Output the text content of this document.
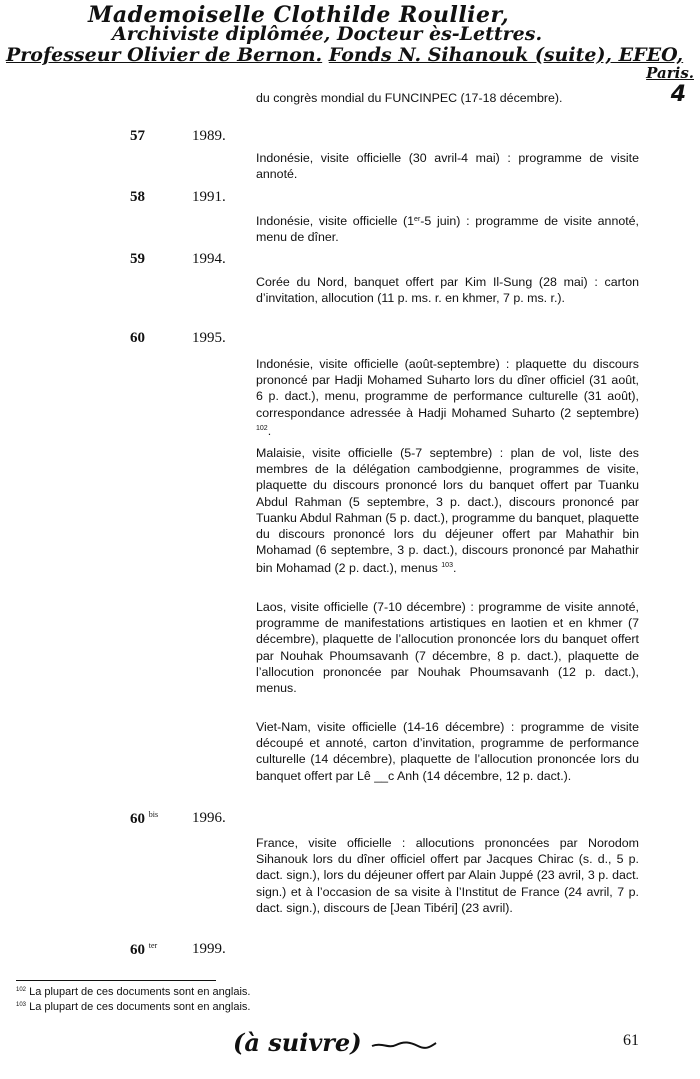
Mademoiselle Clothilde Roullier,
Archiviste diplômée, Docteur ès-Lettres.
Professeur Olivier de Bernon. Fonds N. Sihanouk (suite), EFEO,
Paris.
4

du congrès mondial du FUNCINPEC (17-18 décembre).

57	1989.

Indonésie, visite officielle (30 avril-4 mai) : programme de visite annoté.

58	1991.

Indonésie, visite officielle (1er-5 juin) : programme de visite annoté, menu de dîner.

59	1994.

Corée du Nord, banquet offert par Kim Il-Sung (28 mai) : carton d’invitation, allocution (11 p. ms. r. en khmer, 7 p. ms. r.).

60	1995.

Indonésie, visite officielle (août-septembre) : plaquette du discours prononcé par Hadji Mohamed Suharto lors du dîner officiel (31 août, 6 p. dact.), menu, programme de performance culturelle (31 août), correspondance adressée à Hadji Mohamed Suharto (2 septembre) $^{102}$.

Malaisie, visite officielle (5-7 septembre) : plan de vol, liste des membres de la délégation cambodgienne, programmes de visite, plaquette du discours prononcé lors du banquet offert par Tuanku Abdul Rahman (5 septembre, 3 p. dact.), discours prononcé par Tuanku Abdul Rahman (5 p. dact.), programme du banquet, plaquette du discours prononcé lors du déjeuner offert par Mahathir bin Mohamad (6 septembre, 3 p. dact.), discours prononcé par Mahathir bin Mohamad (2 p. dact.), menus $^{103}$.

Laos, visite officielle (7-10 décembre) : programme de visite annoté, programme de manifestations artistiques en laotien et en khmer (7 décembre), plaquette de l’allocution prononcée lors du banquet offert par Nouhak Phoumsavanh (7 décembre, 8 p. dact.), plaquette de l’allocution prononcée par Nouhak Phoumsavanh (12 p. dact.), menus.

Viet-Nam, visite officielle (14-16 décembre) : programme de visite découpé et annoté, carton d’invitation, programme de performance culturelle (14 décembre), plaquette de l’allocution prononcée lors du banquet offert par Lê __c Anh (14 décembre, 12 p. dact.).

60 $^{bis}$ 1996.

France, visite officielle : allocutions prononcées par Norodom Sihanouk lors du dîner officiel offert par Jacques Chirac (s. d., 5 p. dact. sign.), lors du déjeuner offert par Alain Juppé (23 avril, 3 p. dact. sign.) et à l’occasion de sa visite à l’Institut de France (24 avril, 7 p. dact. sign.), discours de [Jean Tibéri] (23 avril).

60 $^{ter}$ 1999.
$^{102}$ La plupart de ces documents sont en anglais.
$^{103}$ La plupart de ces documents sont en anglais.
(à suivre)	61
